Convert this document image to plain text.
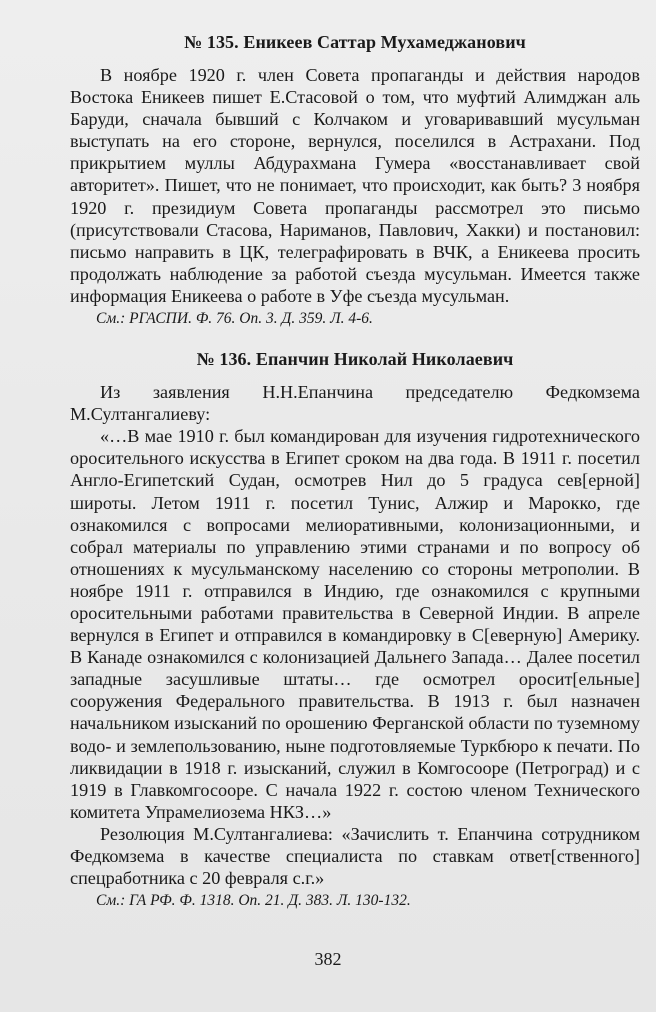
№ 135. Еникеев Саттар Мухамеджанович

В ноябре 1920 г. член Совета пропаганды и действия народов Востока Еникеев пишет Е.Стасовой о том, что муфтий Алимджан аль Баруди, сначала бывший с Колчаком и уговаривавший мусульман выступать на его стороне, вернулся, поселился в Астрахани. Под прикрытием муллы Абдурахмана Гумера «восстанавливает свой авторитет». Пишет, что не понимает, что происходит, как быть? 3 ноября 1920 г. президиум Совета пропаганды рассмотрел это письмо (присутствовали Стасова, Нариманов, Павлович, Хакки) и постановил: письмо направить в ЦК, телеграфировать в ВЧК, а Еникеева просить продолжать наблюдение за работой съезда мусульман. Имеется также информация Еникеева о работе в Уфе съезда мусульман.

См.: РГАСПИ. Ф. 76. Оп. 3. Д. 359. Л. 4-6.
№ 136. Епанчин Николай Николаевич

Из заявления Н.Н.Епанчина председателю Федкомзема М.Султангалиеву:

«…В мае 1910 г. был командирован для изучения гидротехнического оросительного искусства в Египет сроком на два года. В 1911 г. посетил Англо-Египетский Судан, осмотрев Нил до 5 градуса сев[ерной] широты. Летом 1911 г. посетил Тунис, Алжир и Марокко, где ознакомился с вопросами мелиоративными, колонизационными, и собрал материалы по управлению этими странами и по вопросу об отношениях к мусульманскому населению со стороны метрополии. В ноябре 1911 г. отправился в Индию, где ознакомился с крупными оросительными работами правительства в Северной Индии. В апреле вернулся в Египет и отправился в командировку в С[еверную] Америку. В Канаде ознакомился с колонизацией Дальнего Запада… Далее посетил западные засушливые штаты… где осмотрел оросит[ельные] сооружения Федерального правительства. В 1913 г. был назначен начальником изысканий по орошению Ферганской области по туземному водо- и землепользованию, ныне подготовляемые Туркбюро к печати. По ликвидации в 1918 г. изысканий, служил в Комгосооре (Петроград) и с 1919 в Главкомгосооре. С начала 1922 г. состою членом Технического комитета Упрамелиозема НКЗ…»

Резолюция М.Султангалиева: «Зачислить т. Епанчина сотрудником Федкомзема в качестве специалиста по ставкам ответ[ственного] спецработника с 20 февраля с.г.»

См.: ГА РФ. Ф. 1318. Оп. 21. Д. 383. Л. 130-132.
382
